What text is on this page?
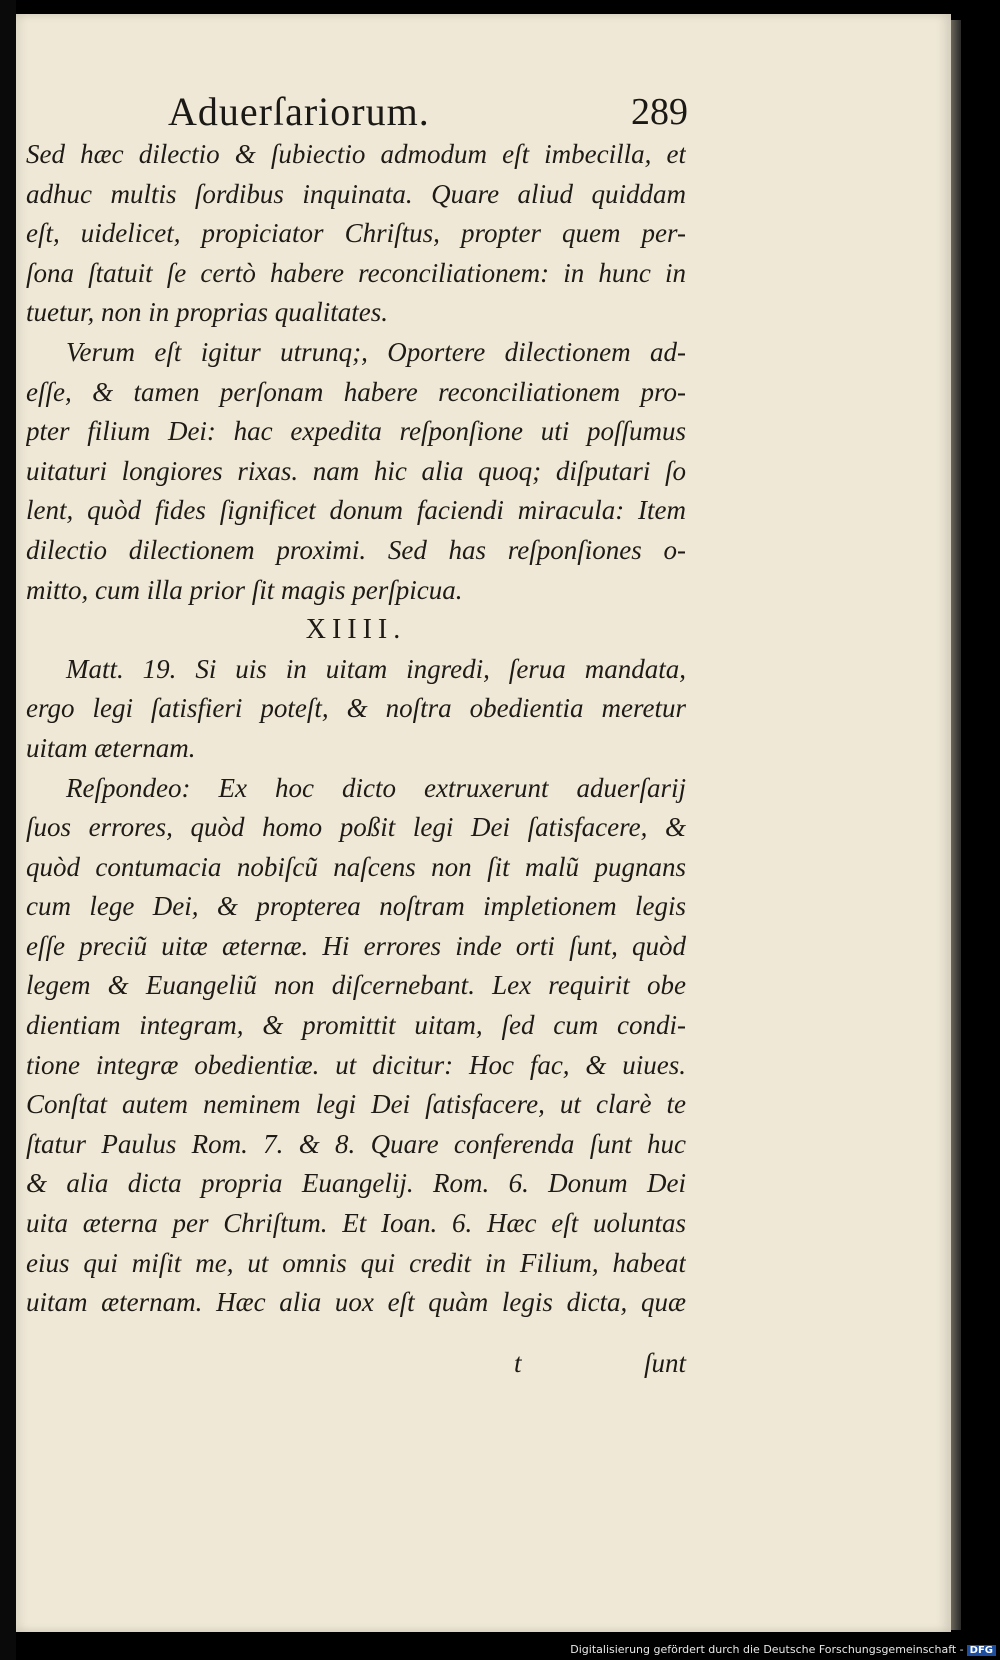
Aduerſariorum.	289
Sed hæc dilectio & ſubiectio admodum eſt imbecilla, et
adhuc multis ſordibus inquinata. Quare aliud quiddam
eſt, uidelicet, propiciator Chriſtus, propter quem per-
ſona ſtatuit ſe certò habere reconciliationem: in hunc in
tuetur, non in proprias qualitates.
Verum eſt igitur utrunq;, Oportere dilectionem ad-
eſſe, & tamen perſonam habere reconciliationem pro-
pter filium Dei: hac expedita reſponſione uti poſſumus
uitaturi longiores rixas. nam hic alia quoq; diſputari ſo
lent, quòd fides ſignificet donum faciendi miracula: Item
dilectio dilectionem proximi. Sed has reſponſiones o-
mitto, cum illa prior ſit magis perſpicua.
XIIII.
Matt. 19. Si uis in uitam ingredi, ſerua mandata,
ergo legi ſatisfieri poteſt, & noſtra obedientia meretur
uitam æternam.
Reſpondeo: Ex hoc dicto extruxerunt aduerſarij
ſuos errores, quòd homo poßit legi Dei ſatisfacere, &
quòd contumacia nobiſcũ naſcens non ſit malũ pugnans
cum lege Dei, & propterea noſtram impletionem legis
eſſe preciũ uitæ æternæ. Hi errores inde orti ſunt, quòd
legem & Euangeliũ non diſcernebant. Lex requirit obe
dientiam integram, & promittit uitam, ſed cum condi-
tione integræ obedientiæ. ut dicitur: Hoc fac, & uiues.
Conſtat autem neminem legi Dei ſatisfacere, ut clarè te
ſtatur Paulus Rom. 7. & 8. Quare conferenda ſunt huc
& alia dicta propria Euangelij. Rom. 6. Donum Dei
uita æterna per Chriſtum. Et Ioan. 6. Hæc eſt uoluntas
eius qui miſit me, ut omnis qui credit in Filium, habeat
uitam æternam. Hæc alia uox eſt quàm legis dicta, quæ
t	ſunt
Digitalisierung gefördert durch die Deutsche Forschungsgemeinschaft - DFG
